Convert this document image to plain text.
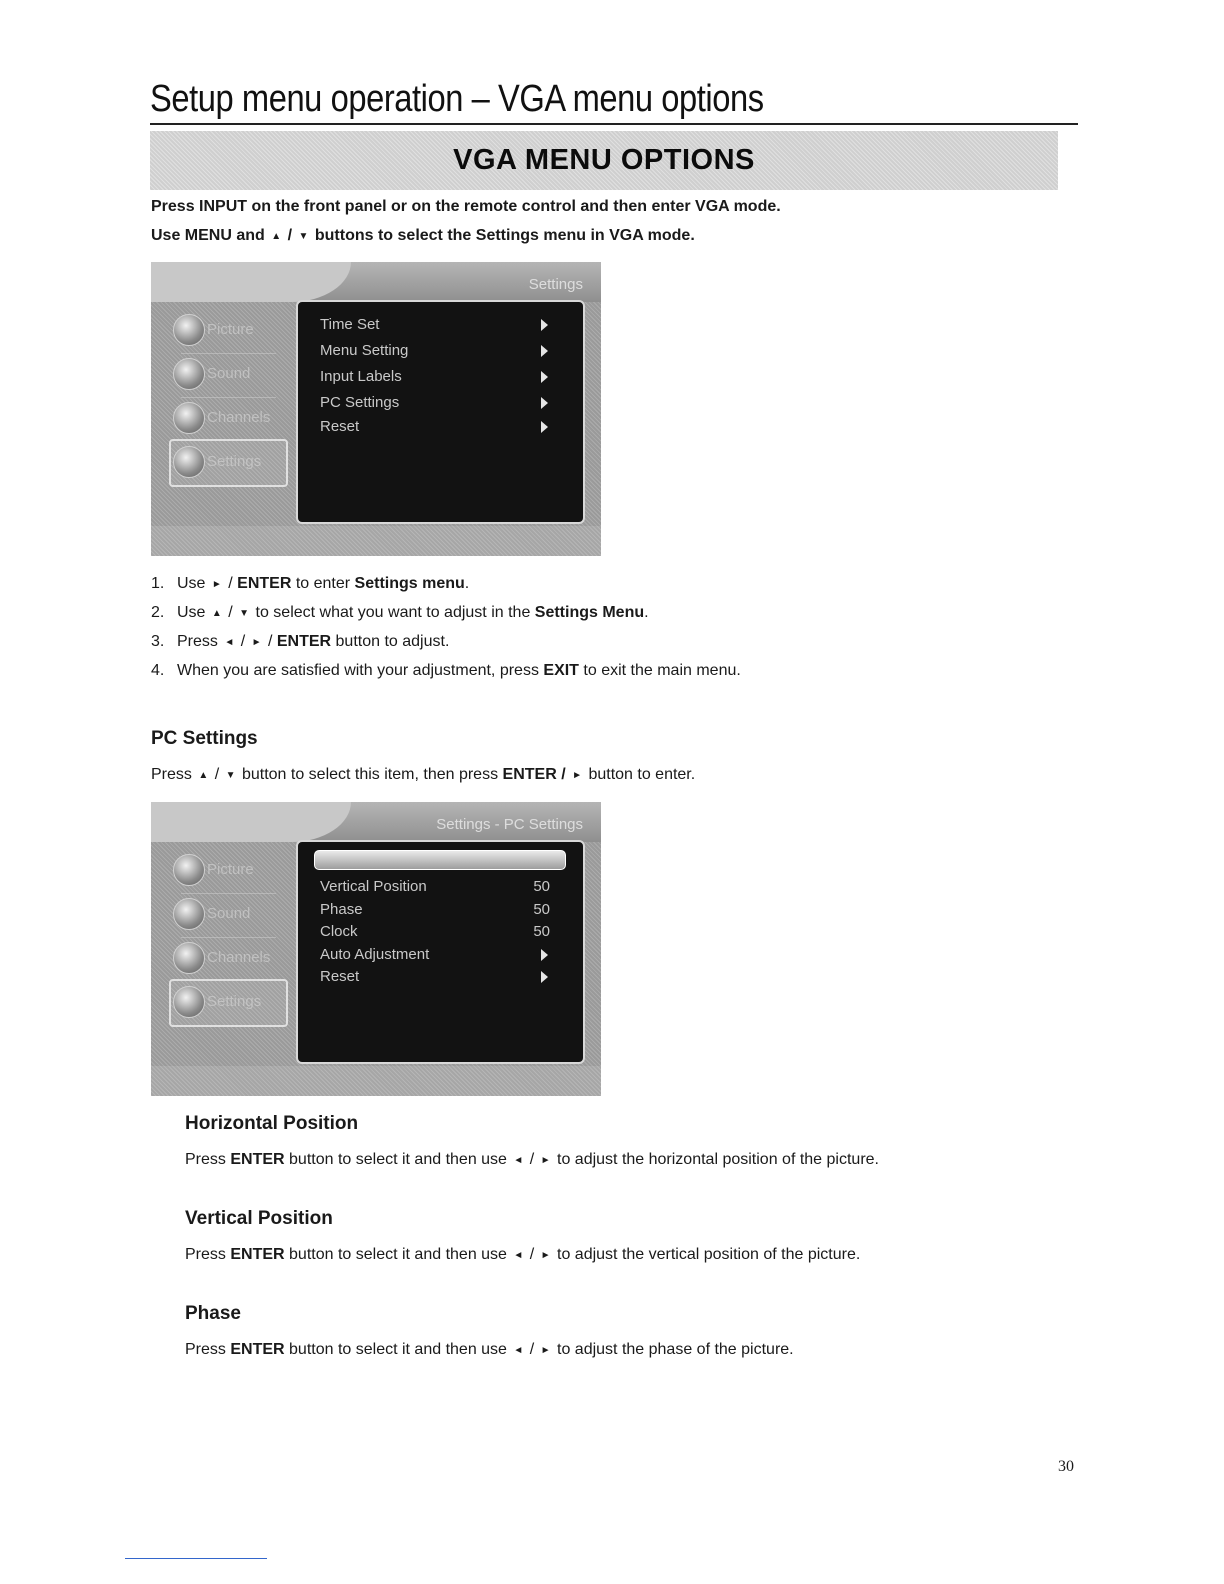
Setup menu operation – VGA menu options
VGA MENU OPTIONS
Press INPUT on the front panel or on the remote control and then enter VGA mode.
Use MENU and ▲ / ▼ buttons to select the Settings menu in VGA mode.
Settings
Picture
Sound
Channels
Settings
Time Set
Menu Setting
Input Labels
PC Settings
Reset
1. Use ► / ENTER to enter Settings menu.
2. Use ▲ / ▼ to select what you want to adjust in the Settings Menu.
3. Press ◄ / ► / ENTER button to adjust.
4. When you are satisfied with your adjustment, press EXIT to exit the main menu.
PC Settings
Press ▲ / ▼ button to select this item, then press ENTER / ► button to enter.
Settings - PC Settings
Picture
Sound
Channels
Settings
Vertical Position	50
Phase	50
Clock	50
Auto Adjustment
Reset
Horizontal Position
Press ENTER button to select it and then use ◄ / ► to adjust the horizontal position of the picture.
Vertical Position
Press ENTER button to select it and then use ◄ / ► to adjust the vertical position of the picture.
Phase
Press ENTER button to select it and then use ◄ / ► to adjust the phase of the picture.
30
